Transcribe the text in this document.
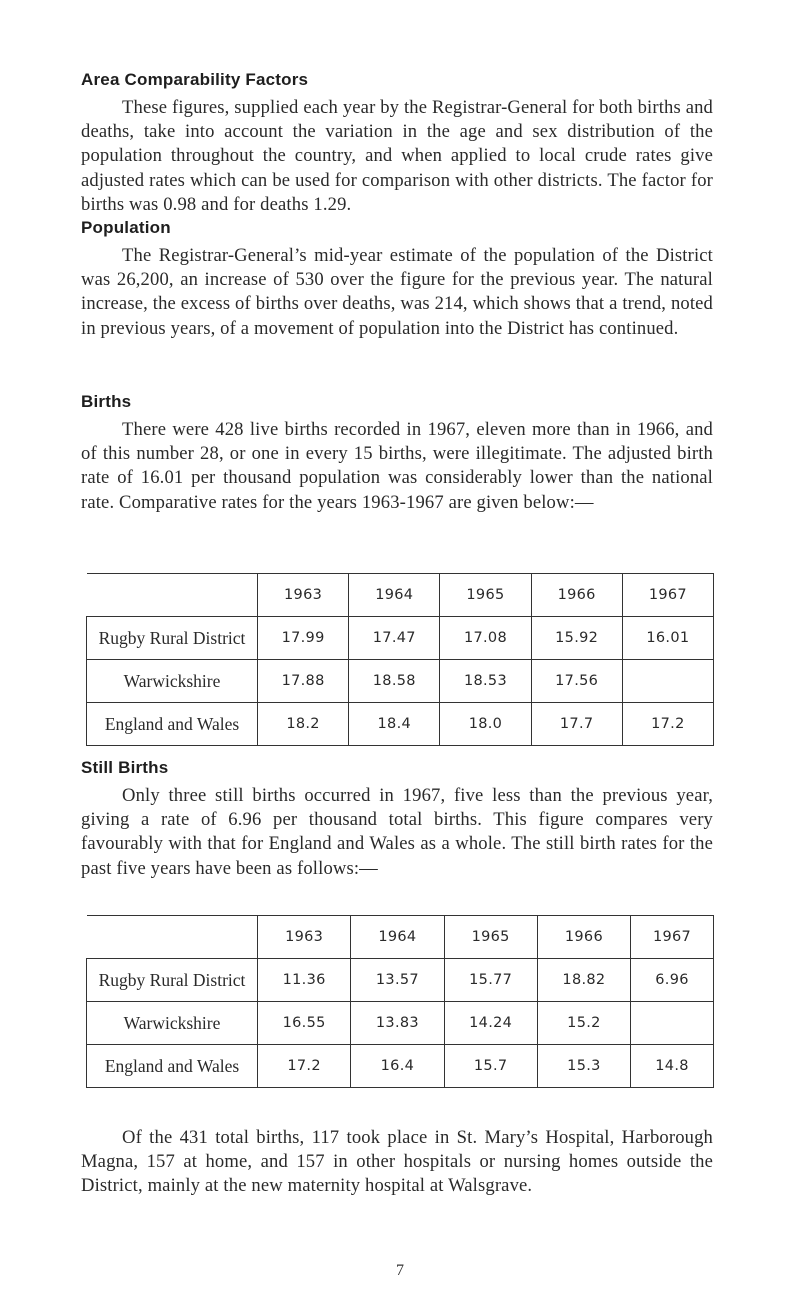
Area Comparability Factors

These figures, supplied each year by the Registrar-General for both births and deaths, take into account the variation in the age and sex distribution of the population throughout the country, and when applied to local crude rates give adjusted rates which can be used for comparison with other districts. The factor for births was 0.98 and for deaths 1.29.

Population

The Registrar-General’s mid-year estimate of the population of the District was 26,200, an increase of 530 over the figure for the previous year. The natural increase, the excess of births over deaths, was 214, which shows that a trend, noted in previous years, of a movement of population into the District has continued.

Births

There were 428 live births recorded in 1967, eleven more than in 1966, and of this number 28, or one in every 15 births, were illegitimate. The adjusted birth rate of 16.01 per thousand population was considerably lower than the national rate. Comparative rates for the years 1963-1967 are given below:—

	1963	1964	1965	1966	1967
Rugby Rural District	17.99	17.47	17.08	15.92	16.01
Warwickshire	17.88	18.58	18.53	17.56	
England and Wales	18.2	18.4	18.0	17.7	17.2
Still Births

Only three still births occurred in 1967, five less than the previous year, giving a rate of 6.96 per thousand total births. This figure compares very favourably with that for England and Wales as a whole. The still birth rates for the past five years have been as follows:—

	1963	1964	1965	1966	1967
Rugby Rural District	11.36	13.57	15.77	18.82	6.96
Warwickshire	16.55	13.83	14.24	15.2	
England and Wales	17.2	16.4	15.7	15.3	14.8

Of the 431 total births, 117 took place in St. Mary’s Hospital, Harborough Magna, 157 at home, and 157 in other hospitals or nursing homes outside the District, mainly at the new maternity hospital at Walsgrave.

7
